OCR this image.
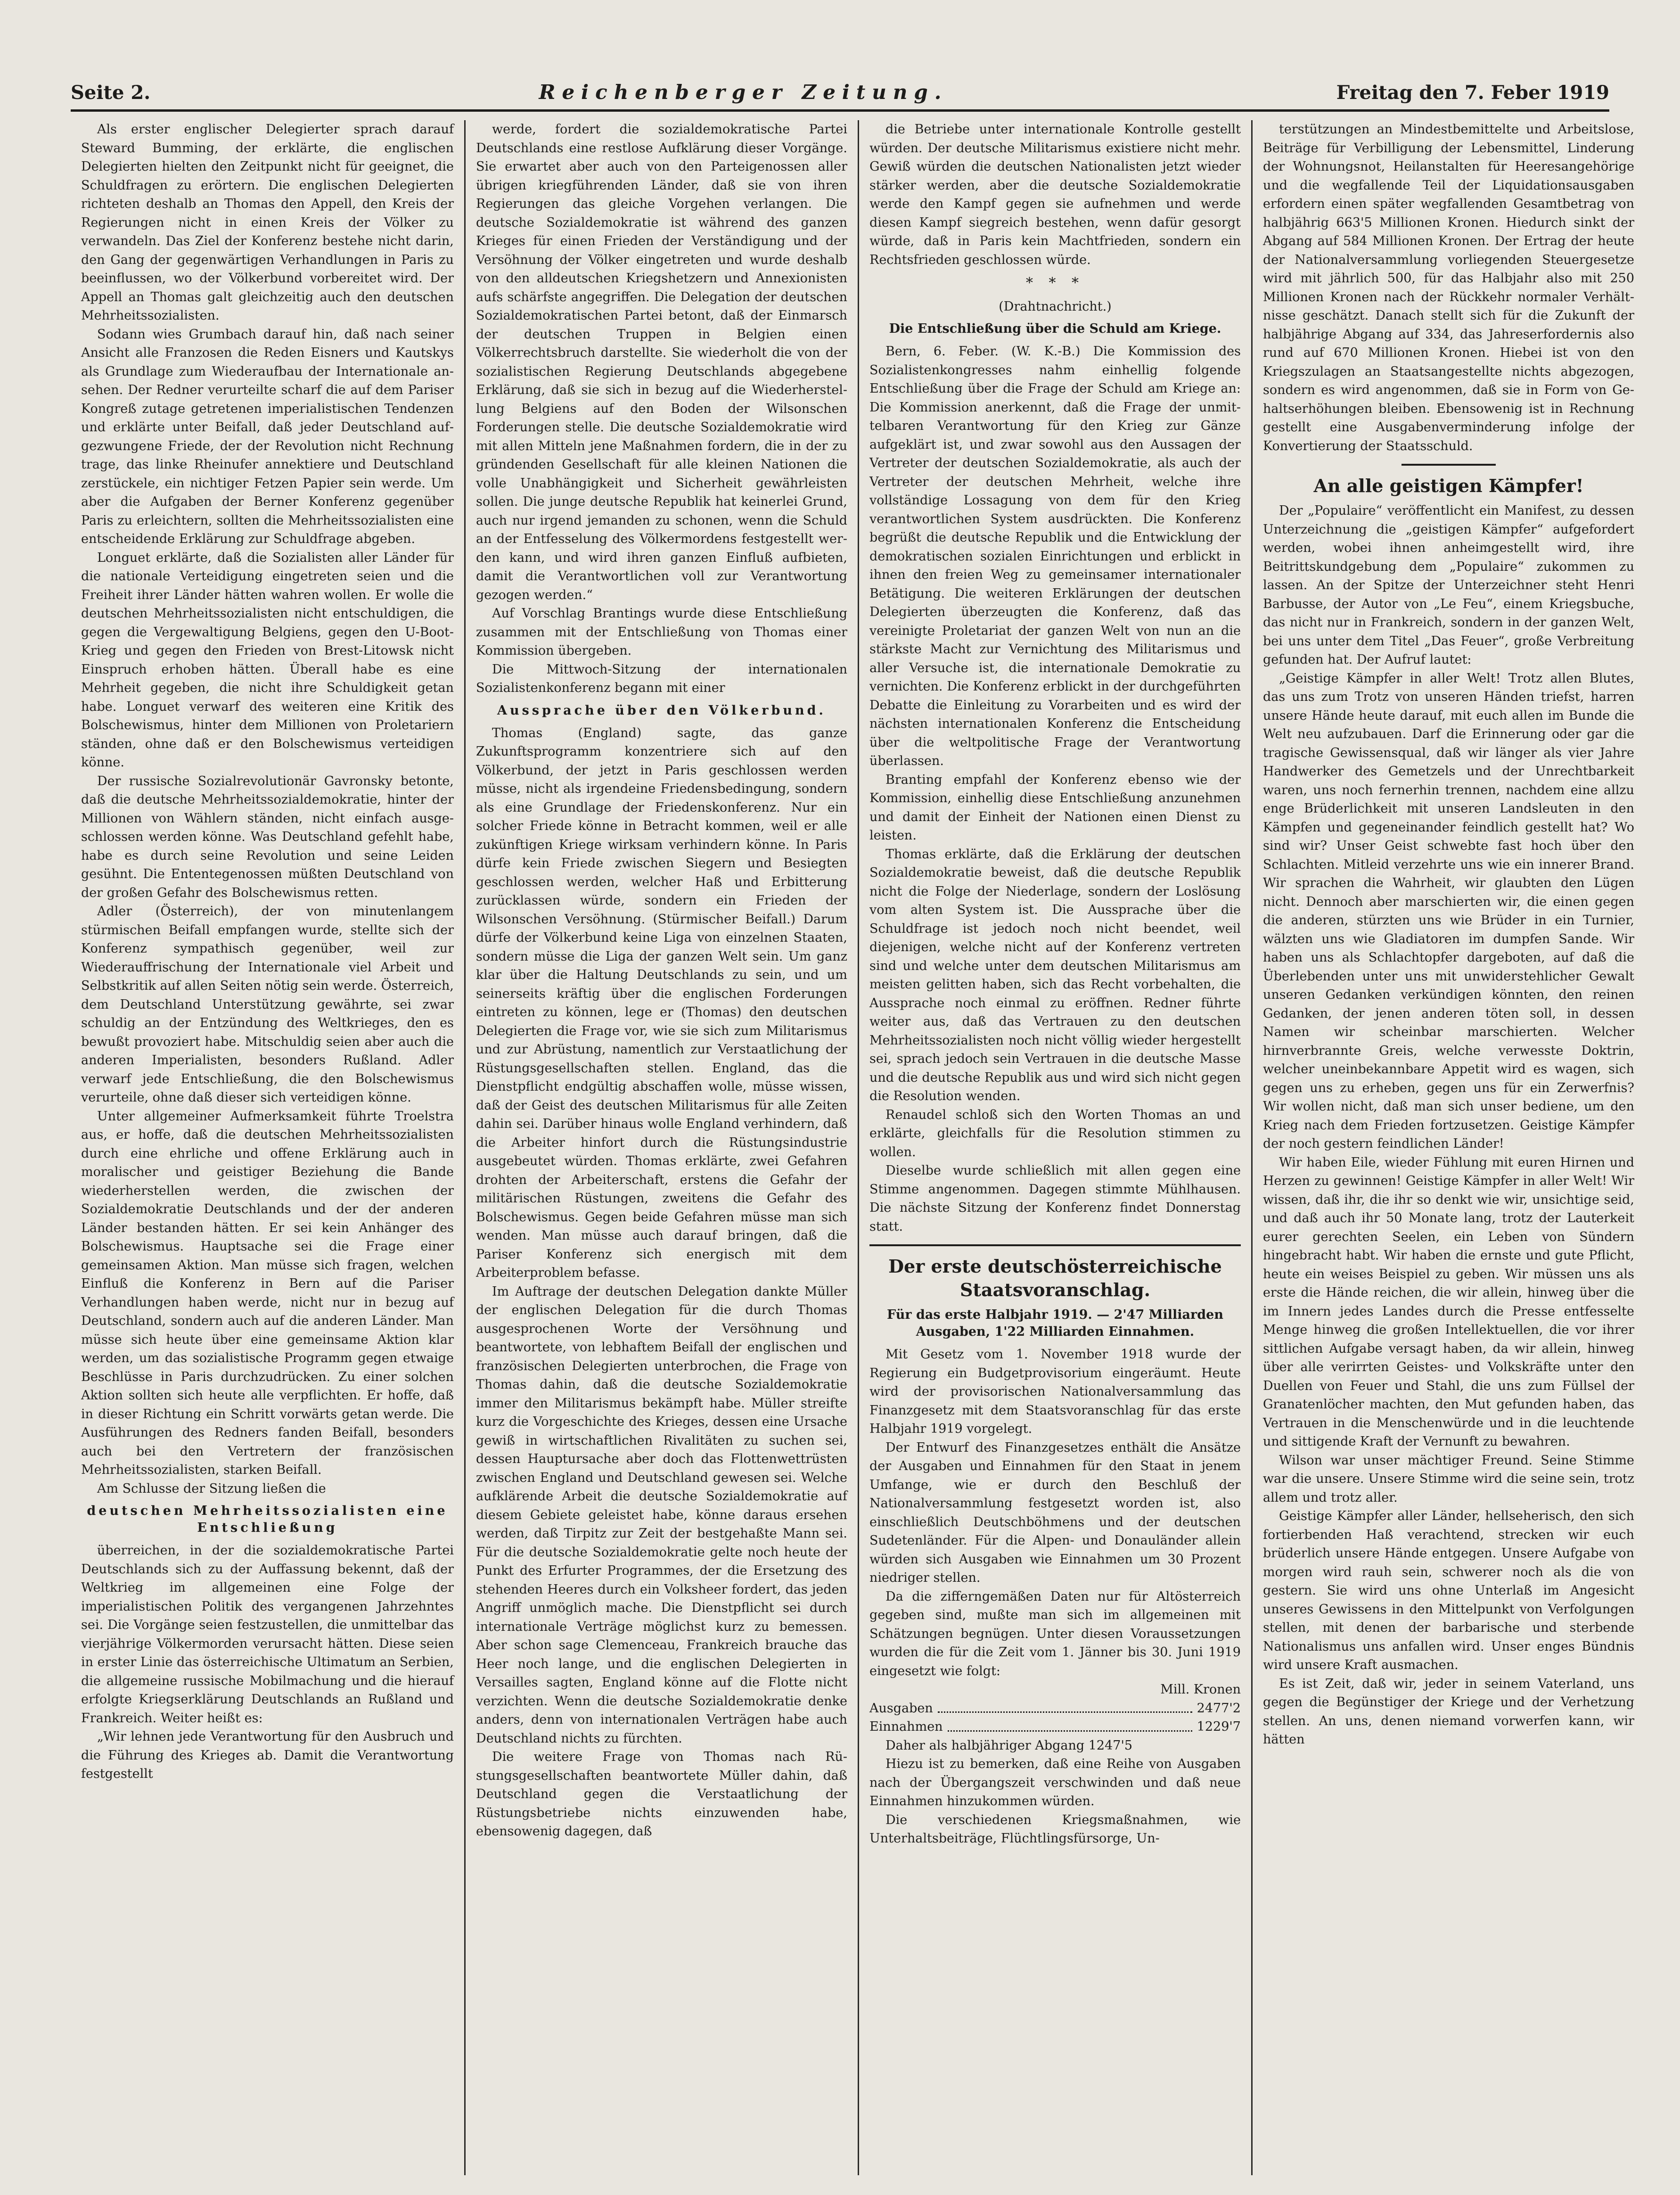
Seite 2.	Reichenberger Zeitung.	Freitag den 7. Feber 1919

Als erster englischer Delegierter sprach darauf Steward Bumming, der erklärte, die englischen Delegierten hielten den Zeitpunkt nicht für geeignet, die Schuldfragen zu erörtern. Die englischen Delegierten richteten deshalb an Thomas den Appell, den Kreis der Regierungen nicht in einen Kreis der Völker zu verwandeln. Das Ziel der Konferenz bestehe nicht darin, den Gang der gegenwärtigen Verhandlungen in Paris zu beeinflussen, wo der Völkerbund vorbereitet wird. Der Appell an Thomas galt gleichzeitig auch den deutschen Mehrheitssozialisten.

Sodann wies Grumbach darauf hin, daß nach seiner Ansicht alle Franzosen die Reden Eisners und Kautskys als Grundlage zum Wiederaufbau der Internationale ansehen. Der Redner verurteilte scharf die auf dem Pariser Kongreß zutage getretenen imperialistischen Tendenzen und erklärte unter Beifall, daß jeder Deutschland aufgezwungene Friede, der der Revolution nicht Rechnung trage, das linke Rheinufer annektiere und Deutschland zerstückele, ein nichtiger Fetzen Papier sein werde. Um aber die Aufgaben der Berner Konferenz gegenüber Paris zu erleichtern, sollten die Mehrheitssozialisten eine entscheidende Erklärung zur Schuldfrage abgeben.

Longuet erklärte, daß die Sozialisten aller Länder für die nationale Verteidigung eingetreten seien und die Freiheit ihrer Länder hätten wahren wollen. Er wolle die deutschen Mehrheitssozialisten nicht entschuldigen, die gegen die Vergewaltigung Belgiens, gegen den U-Boot-Krieg und gegen den Frieden von Brest-Litowsk nicht Einspruch erhoben hätten. Überall habe es eine Mehrheit gegeben, die nicht ihre Schuldigkeit getan habe. Longuet verwarf des weiteren eine Kritik des Bolschewismus, hinter dem Millionen von Proletariern ständen, ohne daß er den Bolschewismus verteidigen könne.

Der russische Sozialrevolutionär Gavronsky betonte, daß die deutsche Mehrheitssozialdemokratie, hinter der Millionen von Wählern ständen, nicht einfach ausgeschlossen werden könne. Was Deutschland gefehlt habe, habe es durch seine Revolution und seine Leiden gesühnt. Die Ententegenossen müßten Deutschland von der großen Gefahr des Bolschewismus retten.

Adler (Österreich), der von minutenlangem stürmischen Beifall empfangen wurde, stellte sich der Konferenz sympathisch gegenüber, weil zur Wiederauffrischung der Internationale viel Arbeit und Selbstkritik auf allen Seiten nötig sein werde. Österreich, dem Deutschland Unterstützung gewährte, sei zwar schuldig an der Entzündung des Weltkrieges, den es bewußt provoziert habe. Mitschuldig seien aber auch die anderen Imperialisten, besonders Rußland. Adler verwarf jede Entschließung, die den Bolschewismus verurteile, ohne daß dieser sich verteidigen könne.

Unter allgemeiner Aufmerksamkeit führte Troelstra aus, er hoffe, daß die deutschen Mehrheitssozialisten durch eine ehrliche und offene Erklärung auch in moralischer und geistiger Beziehung die Bande wiederherstellen werden, die zwischen der Sozialdemokratie Deutschlands und der der anderen Länder bestanden hätten. Er sei kein Anhänger des Bolschewismus. Hauptsache sei die Frage einer gemeinsamen Aktion. Man müsse sich fragen, welchen Einfluß die Konferenz in Bern auf die Pariser Verhandlungen haben werde, nicht nur in bezug auf Deutschland, sondern auch auf die anderen Länder. Man müsse sich heute über eine gemeinsame Aktion klar werden, um das sozialistische Programm gegen etwaige Beschlüsse in Paris durchzudrücken. Zu einer solchen Aktion sollten sich heute alle verpflichten. Er hoffe, daß in dieser Richtung ein Schritt vorwärts getan werde. Die Ausführungen des Redners fanden Beifall, besonders auch bei den Vertretern der französischen Mehrheitssozialisten, starken Beifall.

Am Schlusse der Sitzung ließen die

deutschen Mehrheitssozialisten eine Entschließung

überreichen, in der die sozialdemokratische Partei Deutschlands sich zu der Auffassung bekennt, daß der Weltkrieg im allgemeinen eine Folge der imperialistischen Politik des vergangenen Jahrzehntes sei. Die Vorgänge seien festzustellen, die unmittelbar das vierjährige Völkermorden verursacht hätten. Diese seien in erster Linie das österreichische Ultimatum an Serbien, die allgemeine russische Mobilmachung und die hierauf erfolgte Kriegserklärung Deutschlands an Rußland und Frankreich. Weiter heißt es:

„Wir lehnen jede Verantwortung für den Ausbruch und die Führung des Krieges ab. Damit die Verantwortung festgestellt

werde, fordert die sozialdemokratische Partei Deutschlands eine restlose Aufklärung dieser Vorgänge. Sie erwartet aber auch von den Parteigenossen aller übrigen kriegführenden Länder, daß sie von ihren Regierungen das gleiche Vorgehen verlangen. Die deutsche Sozialdemokratie ist während des ganzen Krieges für einen Frieden der Verständigung und der Versöhnung der Völker eingetreten und wurde deshalb von den alldeutschen Kriegshetzern und Annexionisten aufs schärfste angegriffen. Die Delegation der deutschen Sozialdemokratischen Partei betont, daß der Einmarsch der deutschen Truppen in Belgien einen Völkerrechtsbruch darstellte. Sie wiederholt die von der sozialistischen Regierung Deutschlands abgegebene Erklärung, daß sie sich in bezug auf die Wiederherstellung Belgiens auf den Boden der Wilsonschen Forderungen stelle. Die deutsche Sozialdemokratie wird mit allen Mitteln jene Maßnahmen fordern, die in der zu gründenden Gesellschaft für alle kleinen Nationen die volle Unabhängigkeit und Sicherheit gewährleisten sollen. Die junge deutsche Republik hat keinerlei Grund, auch nur irgend jemanden zu schonen, wenn die Schuld an der Entfesselung des Völkermordens festgestellt werden kann, und wird ihren ganzen Einfluß aufbieten, damit die Verantwortlichen voll zur Verantwortung gezogen werden.“

Auf Vorschlag Brantings wurde diese Entschließung zusammen mit der Entschließung von Thomas einer Kommission übergeben.

Die Mittwoch-Sitzung der internationalen Sozialistenkonferenz begann mit einer

Aussprache über den Völkerbund.

Thomas (England) sagte, das ganze Zukunftsprogramm konzentriere sich auf den Völkerbund, der jetzt in Paris geschlossen werden müsse, nicht als irgendeine Friedensbedingung, sondern als eine Grundlage der Friedenskonferenz. Nur ein solcher Friede könne in Betracht kommen, weil er alle zukünftigen Kriege wirksam verhindern könne. In Paris dürfe kein Friede zwischen Siegern und Besiegten geschlossen werden, welcher Haß und Erbitterung zurücklassen würde, sondern ein Frieden der Wilsonschen Versöhnung. (Stürmischer Beifall.) Darum dürfe der Völkerbund keine Liga von einzelnen Staaten, sondern müsse die Liga der ganzen Welt sein. Um ganz klar über die Haltung Deutschlands zu sein, und um seinerseits kräftig über die englischen Forderungen eintreten zu können, lege er (Thomas) den deutschen Delegierten die Frage vor, wie sie sich zum Militarismus und zur Abrüstung, namentlich zur Verstaatlichung der Rüstungsgesellschaften stellen. England, das die Dienstpflicht endgültig abschaffen wolle, müsse wissen, daß der Geist des deutschen Militarismus für alle Zeiten dahin sei. Darüber hinaus wolle England verhindern, daß die Arbeiter hinfort durch die Rüstungsindustrie ausgebeutet würden. Thomas erklärte, zwei Gefahren drohten der Arbeiterschaft, erstens die Gefahr der militärischen Rüstungen, zweitens die Gefahr des Bolschewismus. Gegen beide Gefahren müsse man sich wenden. Man müsse auch darauf bringen, daß die Pariser Konferenz sich energisch mit dem Arbeiterproblem befasse.

Im Auftrage der deutschen Delegation dankte Müller der englischen Delegation für die durch Thomas ausgesprochenen Worte der Versöhnung und beantwortete, von lebhaftem Beifall der englischen und französischen Delegierten unterbrochen, die Frage von Thomas dahin, daß die deutsche Sozialdemokratie immer den Militarismus bekämpft habe. Müller streifte kurz die Vorgeschichte des Krieges, dessen eine Ursache gewiß in wirtschaftlichen Rivalitäten zu suchen sei, dessen Hauptursache aber doch das Flottenwettrüsten zwischen England und Deutschland gewesen sei. Welche aufklärende Arbeit die deutsche Sozialdemokratie auf diesem Gebiete geleistet habe, könne daraus ersehen werden, daß Tirpitz zur Zeit der bestgehaßte Mann sei. Für die deutsche Sozialdemokratie gelte noch heute der Punkt des Erfurter Programmes, der die Ersetzung des stehenden Heeres durch ein Volksheer fordert, das jeden Angriff unmöglich mache. Die Dienstpflicht sei durch internationale Verträge möglichst kurz zu bemessen. Aber schon sage Clemenceau, Frankreich brauche das Heer noch lange, und die englischen Delegierten in Versailles sagten, England könne auf die Flotte nicht verzichten. Wenn die deutsche Sozialdemokratie denke anders, denn von internationalen Verträgen habe auch Deutschland nichts zu fürchten.

Die weitere Frage von Thomas nach Rüstungsgesellschaften beantwortete Müller dahin, daß Deutschland gegen die Verstaatlichung der Rüstungsbetriebe nichts einzuwenden habe, ebensowenig dagegen, daß

die Betriebe unter internationale Kontrolle gestellt würden. Der deutsche Militarismus existiere nicht mehr. Gewiß würden die deutschen Nationalisten jetzt wieder stärker werden, aber die deutsche Sozialdemokratie werde den Kampf gegen sie aufnehmen und werde diesen Kampf siegreich bestehen, wenn dafür gesorgt würde, daß in Paris kein Machtfrieden, sondern ein Rechtsfrieden geschlossen würde.

* * *
(Drahtnachricht.)
Die Entschließung über die Schuld am Kriege.

Bern, 6. Feber. (W. K.-B.) Die Kommission des Sozialistenkongresses nahm einhellig folgende Entschließung über die Frage der Schuld am Kriege an: Die Kommission anerkennt, daß die Frage der unmittelbaren Verantwortung für den Krieg zur Gänze aufgeklärt ist, und zwar sowohl aus den Aussagen der Vertreter der deutschen Sozialdemokratie, als auch der Vertreter der deutschen Mehrheit, welche ihre vollständige Lossagung von dem für den Krieg verantwortlichen System ausdrückten. Die Konferenz begrüßt die deutsche Republik und die Entwicklung der demokratischen sozialen Einrichtungen und erblickt in ihnen den freien Weg zu gemeinsamer internationaler Betätigung. Die weiteren Erklärungen der deutschen Delegierten überzeugten die Konferenz, daß das vereinigte Proletariat der ganzen Welt von nun an die stärkste Macht zur Vernichtung des Militarismus und aller Versuche ist, die internationale Demokratie zu vernichten. Die Konferenz erblickt in der durchgeführten Debatte die Einleitung zu Vorarbeiten und es wird der nächsten internationalen Konferenz die Entscheidung über die weltpolitische Frage der Verantwortung überlassen.

Branting empfahl der Konferenz ebenso wie der Kommission, einhellig diese Entschließung anzunehmen und damit der Einheit der Nationen einen Dienst zu leisten.

Thomas erklärte, daß die Erklärung der deutschen Sozialdemokratie beweist, daß die deutsche Republik nicht die Folge der Niederlage, sondern der Loslösung vom alten System ist. Die Aussprache über die Schuldfrage ist jedoch noch nicht beendet, weil diejenigen, welche nicht auf der Konferenz vertreten sind und welche unter dem deutschen Militarismus am meisten gelitten haben, sich das Recht vorbehalten, die Aussprache noch einmal zu eröffnen. Redner führte weiter aus, daß das Vertrauen zu den deutschen Mehrheitssozialisten noch nicht völlig wieder hergestellt sei, sprach jedoch sein Vertrauen in die deutsche Masse und die deutsche Republik aus und wird sich nicht gegen die Resolution wenden.

Renaudel schloß sich den Worten Thomas an und erklärte, gleichfalls für die Resolution stimmen zu wollen.

Dieselbe wurde schließlich mit allen gegen eine Stimme angenommen. Dagegen stimmte Mühlhausen. Die nächste Sitzung der Konferenz findet Donnerstag statt.

Der erste deutschösterreichische Staatsvoranschlag.
Für das erste Halbjahr 1919. — 2'47 Milliarden Ausgaben, 1'22 Milliarden Einnahmen.

Mit Gesetz vom 1. November 1918 wurde der Regierung ein Budgetprovisorium eingeräumt. Heute wird der provisorischen Nationalversammlung das Finanzgesetz mit dem Staatsvoranschlag für das erste Halbjahr 1919 vorgelegt.

Der Entwurf des Finanzgesetzes enthält die Ansätze der Ausgaben und Einnahmen für den Staat in jenem Umfange, wie er durch den Beschluß der Nationalversammlung festgesetzt worden ist, also einschließlich Deutschböhmens und der deutschen Sudetenländer. Für die Alpen- und Donauländer allein würden sich Ausgaben wie Einnahmen um 30 Prozent niedriger stellen.

Da die zifferngemäßen Daten nur für Altösterreich gegeben sind, mußte man sich im allgemeinen mit Schätzungen begnügen. Unter diesen Voraussetzungen wurden die für die Zeit vom 1. Jänner bis 30. Juni 1919 eingesetzt wie folgt:

Mill. Kronen
Ausgaben	2477'2
Einnahmen	1229'7

Daher als halbjähriger Abgang 1247'5

Hiezu ist zu bemerken, daß eine Reihe von Ausgaben nach der Übergangszeit verschwinden und daß neue Einnahmen hinzukommen würden.

Die verschiedenen Kriegsmaßnahmen, wie Unterhaltsbeiträge, Flüchtlingsfürsorge, Un-

terstützungen an Mindestbemittelte und Arbeitslose, Beiträge für Verbilligung der Lebensmittel, Linderung der Wohnungsnot, Heilanstalten für Heeresangehörige und die wegfallende Teil der Liquidationsausgaben erfordern einen später wegfallenden Gesamtbetrag von halbjährig 663'5 Millionen Kronen. Hiedurch sinkt der Abgang auf 584 Millionen Kronen. Der Ertrag der heute der Nationalversammlung vorliegenden Steuergesetze wird mit jährlich 500, für das Halbjahr also mit 250 Millionen Kronen nach der Rückkehr normaler Verhältnisse geschätzt. Danach stellt sich für die Zukunft der halbjährige Abgang auf 334, das Jahreserfordernis also rund auf 670 Millionen Kronen. Hiebei ist von den Kriegszulagen an Staatsangestellte nichts abgezogen, sondern es wird angenommen, daß sie in Form von Gehaltserhöhungen bleiben. Ebensowenig ist in Rechnung gestellt eine Ausgabenverminderung infolge der Konvertierung der Staatsschuld.

An alle geistigen Kämpfer!

Der „Populaire“ veröffentlicht ein Manifest, zu dessen Unterzeichnung die „geistigen Kämpfer“ aufgefordert werden, wobei ihnen anheimgestellt wird, ihre Beitrittskundgebung dem „Populaire“ zukommen zu lassen. An der Spitze der Unterzeichner steht Henri Barbusse, der Autor von „Le Feu“, einem Kriegsbuche, das nicht nur in Frankreich, sondern in der ganzen Welt, bei uns unter dem Titel „Das Feuer“, große Verbreitung gefunden hat. Der Aufruf lautet:

„Geistige Kämpfer in aller Welt! Trotz allen Blutes, das uns zum Trotz von unseren Händen triefst, harren unsere Hände heute darauf, mit euch allen im Bunde die Welt neu aufzubauen. Darf die Erinnerung oder gar die tragische Gewissensqual, daß wir länger als vier Jahre Handwerker des Gemetzels und der Unrechtbarkeit waren, uns noch fernerhin trennen, nachdem eine allzu enge Brüderlichkeit mit unseren Landsleuten in den Kämpfen und gegeneinander feindlich gestellt hat? Wo sind wir? Unser Geist schwebte fast hoch über den Schlachten. Mitleid verzehrte uns wie ein innerer Brand. Wir sprachen die Wahrheit, wir glaubten den Lügen nicht. Dennoch aber marschierten wir, die einen gegen die anderen, stürzten uns wie Brüder in ein Turnier, wälzten uns wie Gladiatoren im dumpfen Sande. Wir haben uns als Schlachtopfer dargeboten, auf daß die Überlebenden unter uns mit unwiderstehlicher Gewalt unseren Gedanken verkündigen könnten, den reinen Gedanken, der jenen anderen töten soll, in dessen Namen wir scheinbar marschierten. Welcher hirnverbrannte Greis, welche verwesste Doktrin, welcher uneinbekannbare Appetit wird es wagen, sich gegen uns zu erheben, gegen uns für ein Zerwerfnis? Wir wollen nicht, daß man sich unser bediene, um den Krieg nach dem Frieden fortzusetzen. Geistige Kämpfer der noch gestern feindlichen Länder!

Wir haben Eile, wieder Fühlung mit euren Hirnen und Herzen zu gewinnen! Geistige Kämpfer in aller Welt! Wir wissen, daß ihr, die ihr so denkt wie wir, unsichtige seid, und daß auch ihr 50 Monate lang, trotz der Lauterkeit eurer gerechten Seelen, ein Leben von Sündern hingebracht habt. Wir haben die ernste und gute Pflicht, heute ein weises Beispiel zu geben. Wir müssen uns als erste die Hände reichen, die wir allein, hinweg über die im Innern jedes Landes durch die Presse entfesselte Menge hinweg die großen Intellektuellen, die vor ihrer sittlichen Aufgabe versagt haben, da wir allein, hinweg über alle verirrten Geistes- und Volkskräfte unter den Duellen von Feuer und Stahl, die uns zum Füllsel der Granatenlöcher machten, den Mut gefunden haben, das Vertrauen in die Menschenwürde und in die leuchtende und sittigende Kraft der Vernunft zu bewahren.

Wilson war unser mächtiger Freund. Seine Stimme war die unsere. Unsere Stimme wird die seine sein, trotz allem und trotz aller.

Geistige Kämpfer aller Länder, hellseherisch, den sich fortierbenden Haß verachtend, strecken wir euch brüderlich unsere Hände entgegen. Unsere Aufgabe von morgen wird rauh sein, schwerer noch als die von gestern. Sie wird uns ohne Unterlaß im Angesicht unseres Gewissens in den Mittelpunkt von Verfolgungen stellen, mit denen der barbarische und sterbende Nationalismus uns anfallen wird. Unser enges Bündnis wird unsere Kraft ausmachen.

Es ist Zeit, daß wir, jeder in seinem Vaterland, uns gegen die Begünstiger der Kriege und der Verhetzung stellen. An uns, denen niemand vorwerfen kann, wir hätten
